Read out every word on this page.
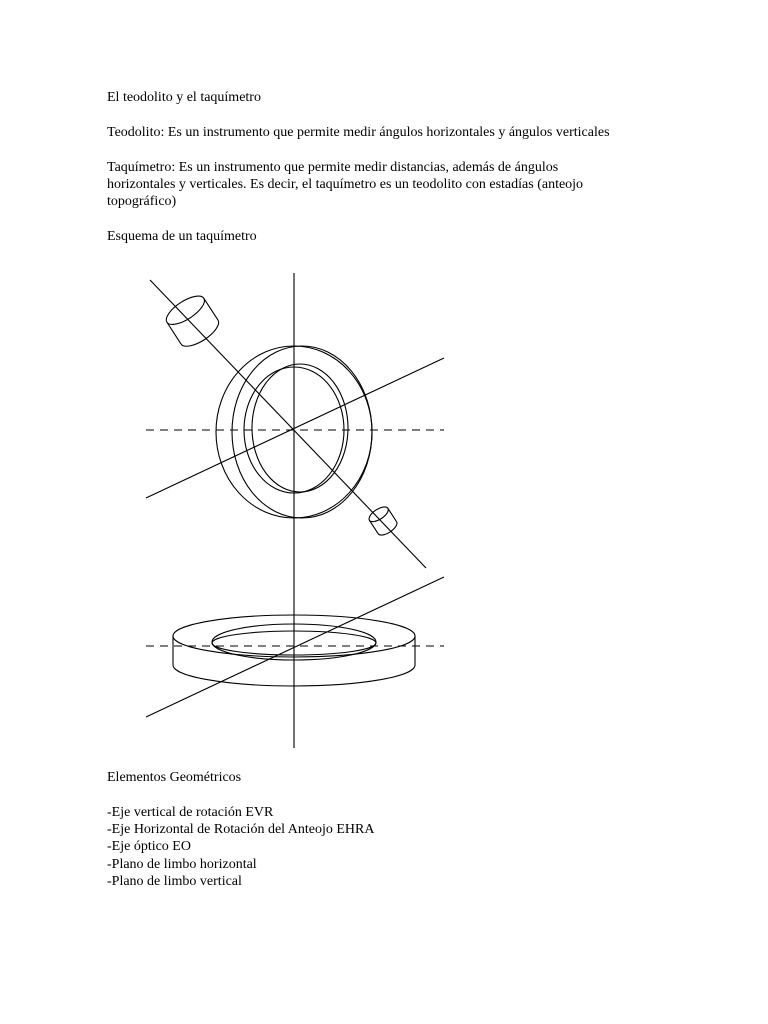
El teodolito y el taquímetro
Teodolito: Es un instrumento que permite medir ángulos horizontales y ángulos verticales
Taquímetro: Es un instrumento que permite medir distancias, además de ángulos
horizontales y verticales. Es decir, el taquímetro es un teodolito con estadías (anteojo
topográfico)
Esquema de un taquímetro
Elementos Geométricos
-Eje vertical de rotación EVR
-Eje Horizontal de Rotación del Anteojo EHRA
-Eje óptico EO
-Plano de limbo horizontal
-Plano de limbo vertical
